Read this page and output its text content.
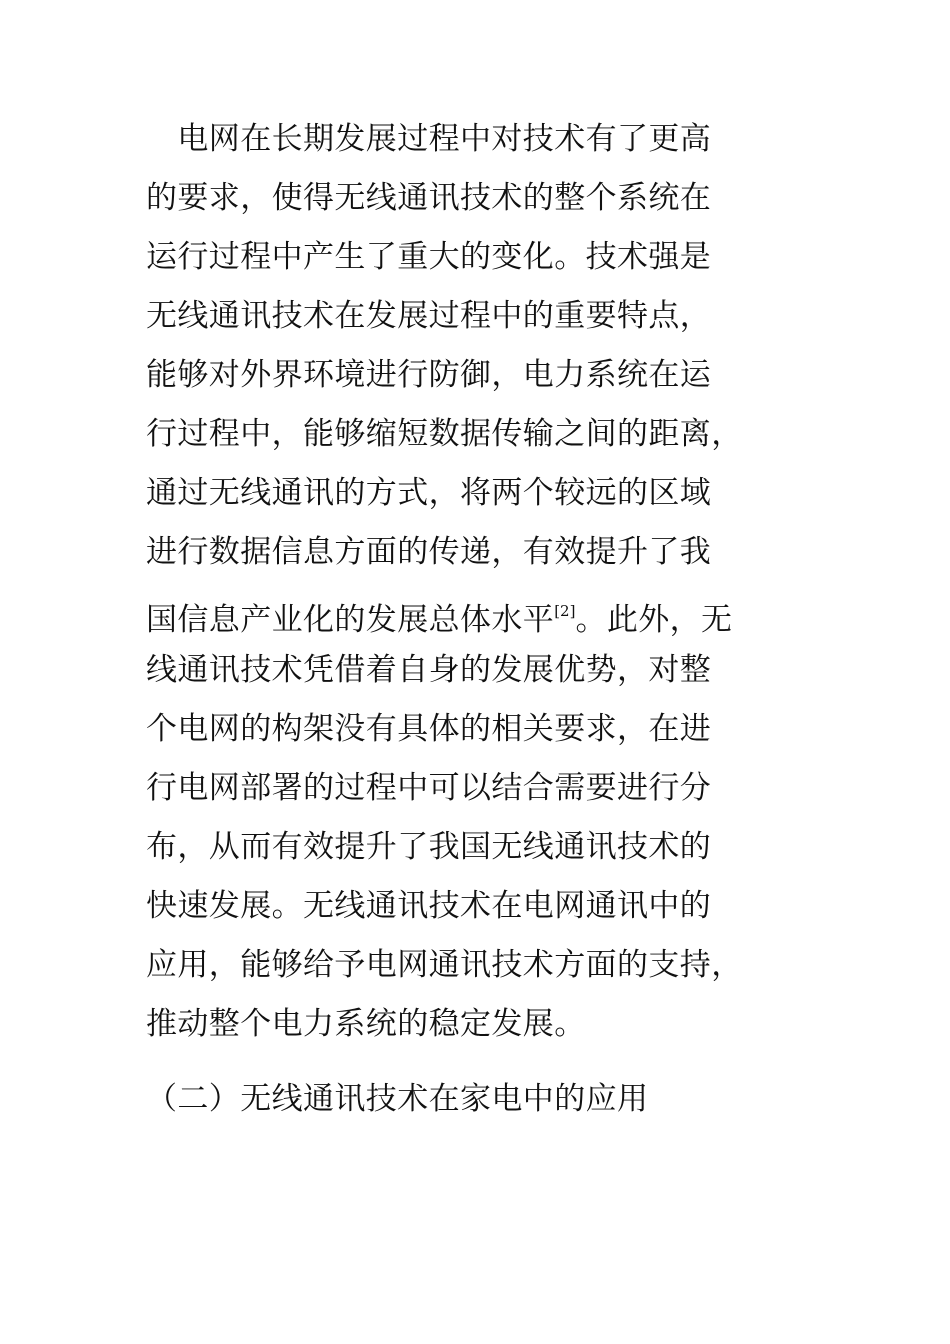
　电网在长期发展过程中对技术有了更高
的要求，使得无线通讯技术的整个系统在
运行过程中产生了重大的变化。技术强是
无线通讯技术在发展过程中的重要特点，
能够对外界环境进行防御，电力系统在运
行过程中，能够缩短数据传输之间的距离，
通过无线通讯的方式，将两个较远的区域
进行数据信息方面的传递，有效提升了我
国信息产业化的发展总体水平[2]。此外，无
线通讯技术凭借着自身的发展优势，对整
个电网的构架没有具体的相关要求，在进
行电网部署的过程中可以结合需要进行分
布，从而有效提升了我国无线通讯技术的
快速发展。无线通讯技术在电网通讯中的
应用，能够给予电网通讯技术方面的支持，
推动整个电力系统的稳定发展。
（二）无线通讯技术在家电中的应用
